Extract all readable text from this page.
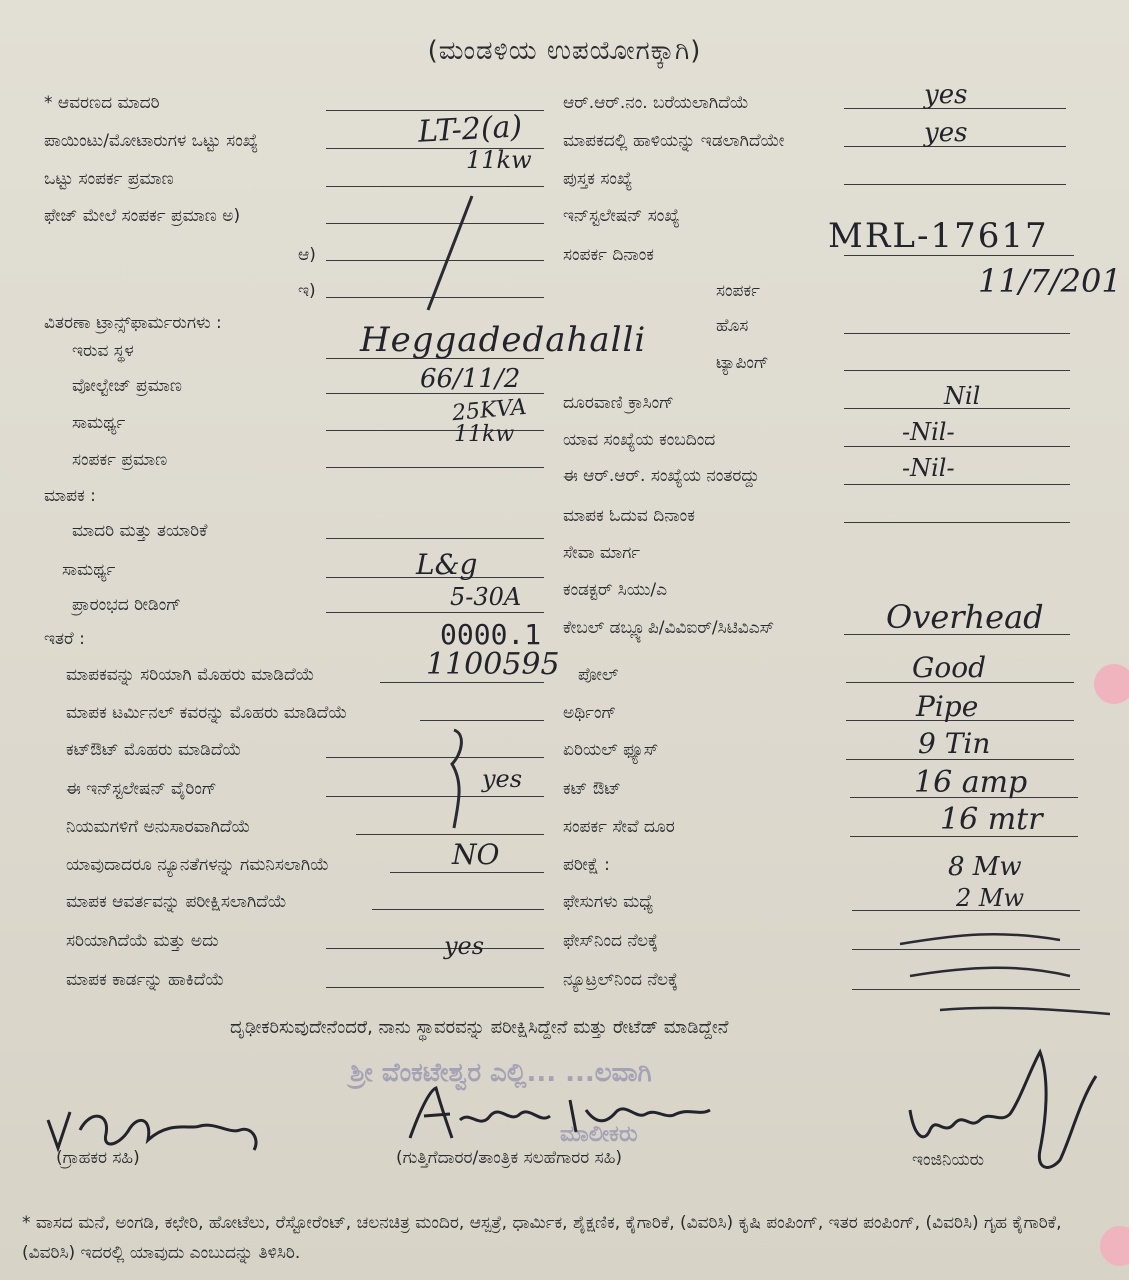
(ಮಂಡಳಿಯ ಉಪಯೋಗಕ್ಕಾಗಿ)
* ಆವರಣದ ಮಾದರಿ
ಪಾಯಿಂಟು/ಮೋಟಾರುಗಳ ಒಟ್ಟು ಸಂಖ್ಯೆ
ಒಟ್ಟು ಸಂಪರ್ಕ ಪ್ರಮಾಣ
ಫೇಜ್ ಮೇಲೆ ಸಂಪರ್ಕ ಪ್ರಮಾಣ ಅ)
ಆ)
ಇ)
ವಿತರಣಾ ಟ್ರಾನ್ಸ್‌ಫಾರ್ಮರುಗಳು :
ಇರುವ ಸ್ಥಳ
ವೋಲ್ಟೇಜ್ ಪ್ರಮಾಣ
ಸಾಮರ್ಥ್ಯ
ಸಂಪರ್ಕ ಪ್ರಮಾಣ
ಮಾಪಕ :
ಮಾದರಿ ಮತ್ತು ತಯಾರಿಕೆ
ಸಾಮರ್ಥ್ಯ
ಪ್ರಾರಂಭದ ರೀಡಿಂಗ್
ಇತರೆ :
ಮಾಪಕವನ್ನು ಸರಿಯಾಗಿ ಮೊಹರು ಮಾಡಿದೆಯೆ
ಮಾಪಕ ಟರ್ಮಿನಲ್ ಕವರನ್ನು ಮೊಹರು ಮಾಡಿದೆಯೆ
ಕಟ್‌ಔಟ್ ಮೊಹರು ಮಾಡಿದೆಯೆ
ಈ ಇನ್‌ಸ್ಟಲೇಷನ್ ವೈರಿಂಗ್
ನಿಯಮಗಳಿಗೆ ಅನುಸಾರವಾಗಿದೆಯೆ
ಯಾವುದಾದರೂ ನ್ಯೂನತೆಗಳನ್ನು ಗಮನಿಸಲಾಗಿಯೆ
ಮಾಪಕ ಆವರ್ತವನ್ನು ಪರೀಕ್ಷಿಸಲಾಗಿದೆಯೆ
ಸರಿಯಾಗಿದೆಯೆ ಮತ್ತು ಅದು
ಮಾಪಕ ಕಾರ್ಡನ್ನು ಹಾಕಿದೆಯೆ
ಆರ್.ಆರ್.ನಂ. ಬರೆಯಲಾಗಿದೆಯೆ
ಮಾಪಕದಲ್ಲಿ ಹಾಳಿಯನ್ನು ಇಡಲಾಗಿದೆಯೇ
ಪುಸ್ತಕ ಸಂಖ್ಯೆ
ಇನ್‌ಸ್ಟಲೇಷನ್ ಸಂಖ್ಯೆ
ಸಂಪರ್ಕ ದಿನಾಂಕ
ಸಂಪರ್ಕ
ಹೊಸ
ಟ್ಯಾಪಿಂಗ್
ದೂರವಾಣಿ ಕ್ರಾಸಿಂಗ್
ಯಾವ ಸಂಖ್ಯೆಯ ಕಂಬದಿಂದ
ಈ ಆರ್.ಆರ್. ಸಂಖ್ಯೆಯ ನಂತರದ್ದು
ಮಾಪಕ ಓದುವ ದಿನಾಂಕ
ಸೇವಾ ಮಾರ್ಗ
ಕಂಡಕ್ಟರ್ ಸಿಯು/ಎ
ಕೇಬಲ್ ಡಬ್ಲ್ಯೂಪಿ/ವಿವಿಐರ್/ಸಿಟಿವಿಎಸ್
ಪೋಲ್
ಅರ್ಥಿಂಗ್
ಏರಿಯಲ್ ಫ್ಯೂಸ್
ಕಟ್ ಔಟ್
ಸಂಪರ್ಕ ಸೇವೆ ದೂರ
ಪರೀಕ್ಷೆ :
ಫೇಸುಗಳು ಮಧ್ಯೆ
ಫೇಸ್‌ನಿಂದ ನೆಲಕ್ಕೆ
ನ್ಯೂಟ್ರಲ್‌ನಿಂದ ನೆಲಕ್ಕೆ
LT-2(a)
11kw
Heggadedahalli
66/11/2
25KVA
11kw
L&g
5-30A
0000.1
1100595
yes
NO
yes
yes
yes
MRL-17617
11/7/201
Nil
-Nil-
-Nil-
Overhead
Good
Pipe
9 Tin
16 amp
16 mtr
8 Mw
2 Mw
ದೃಢೀಕರಿಸುವುದೇನೆಂದರೆ, ನಾನು ಸ್ಥಾವರವನ್ನು ಪರೀಕ್ಷಿಸಿದ್ದೇನೆ ಮತ್ತು ರೇಟೆಡ್ ಮಾಡಿದ್ದೇನೆ
ಶ್ರೀ ವೆಂಕಟೇಶ್ವರ ಎಲ್ಲಿ... ...ಲವಾಗಿ
ಮಾಲೀಕರು
(ಗ್ರಾಹಕರ ಸಹಿ)	(ಗುತ್ತಿಗೆದಾರರ/ತಾಂತ್ರಿಕ ಸಲಹೆಗಾರರ ಸಹಿ)	ಇಂಜಿನಿಯರು
* ವಾಸದ ಮನೆ, ಅಂಗಡಿ, ಕಛೇರಿ, ಹೋಟೆಲು, ರೆಸ್ಟೋರೆಂಟ್, ಚಲನಚಿತ್ರ ಮಂದಿರ, ಆಸ್ಪತ್ರೆ, ಧಾರ್ಮಿಕ, ಶೈಕ್ಷಣಿಕ, ಕೈಗಾರಿಕೆ, (ವಿವರಿಸಿ) ಕೃಷಿ ಪಂಪಿಂಗ್, ಇತರ ಪಂಪಿಂಗ್, (ವಿವರಿಸಿ) ಗೃಹ ಕೈಗಾರಿಕೆ, (ವಿವರಿಸಿ) ಇದರಲ್ಲಿ ಯಾವುದು ಎಂಬುದನ್ನು ತಿಳಿಸಿರಿ.
